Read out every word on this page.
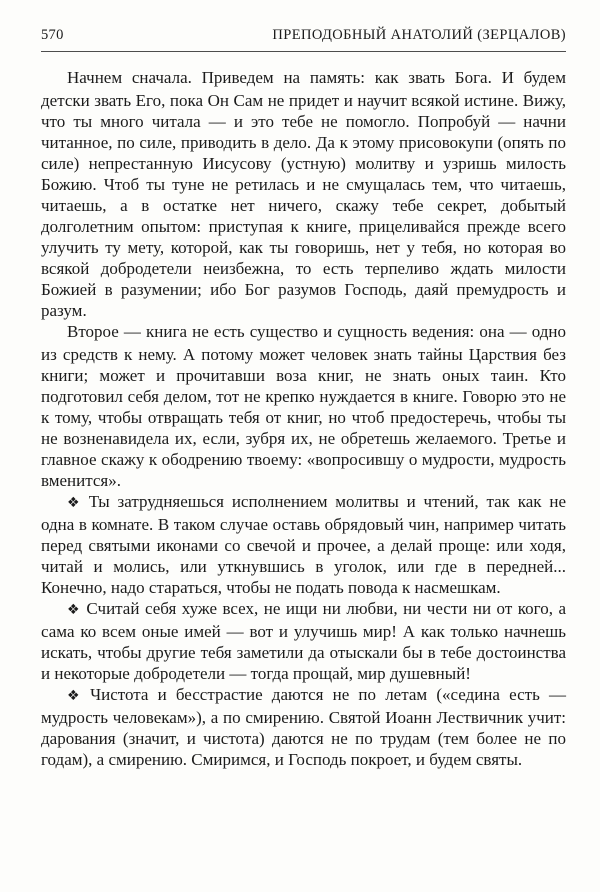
570	ПРЕПОДОБНЫЙ АНАТОЛИЙ (ЗЕРЦАЛОВ)

Начнем сначала. Приведем на память: как звать Бога. И будем детски звать Его, пока Он Сам не придет и научит всякой истине. Вижу, что ты много читала — и это тебе не помогло. Попробуй — начни читанное, по силе, приводить в дело. Да к этому присовокупи (опять по силе) непрестанную Иисусову (устную) молитву и узришь милость Божию. Чтоб ты туне не ретилась и не смущалась тем, что читаешь, читаешь, а в остатке нет ничего, скажу тебе секрет, добытый долголетним опытом: приступая к книге, прицеливайся прежде всего улучить ту мету, которой, как ты говоришь, нет у тебя, но которая во всякой добродетели неизбежна, то есть терпеливо ждать милости Божией в разумении; ибо Бог разумов Господь, даяй премудрость и разум.

Второе — книга не есть существо и сущность ведения: она — одно из средств к нему. А потому может человек знать тайны Царствия без книги; может и прочитавши воза книг, не знать оных таин. Кто подготовил себя делом, тот не крепко нуждается в книге. Говорю это не к тому, чтобы отвращать тебя от книг, но чтоб предостеречь, чтобы ты не возненавидела их, если, зубря их, не обретешь желаемого. Третье и главное скажу к ободрению твоему: «вопросившу о мудрости, мудрость вменится».

❖ Ты затрудняешься исполнением молитвы и чтений, так как не одна в комнате. В таком случае оставь обрядовый чин, например читать перед святыми иконами со свечой и прочее, а делай проще: или ходя, читай и молись, или уткнувшись в уголок, или где в передней... Конечно, надо стараться, чтобы не подать повода к насмешкам.

❖ Считай себя хуже всех, не ищи ни любви, ни чести ни от кого, а сама ко всем оные имей — вот и улучишь мир! А как только начнешь искать, чтобы другие тебя заметили да отыскали бы в тебе достоинства и некоторые добродетели — тогда прощай, мир душевный!

❖ Чистота и бесстрастие даются не по летам («седина есть — мудрость человекам»), а по смирению. Святой Иоанн Лествичник учит: дарования (значит, и чистота) даются не по трудам (тем более не по годам), а смирению. Смиримся, и Господь покроет, и будем святы.
